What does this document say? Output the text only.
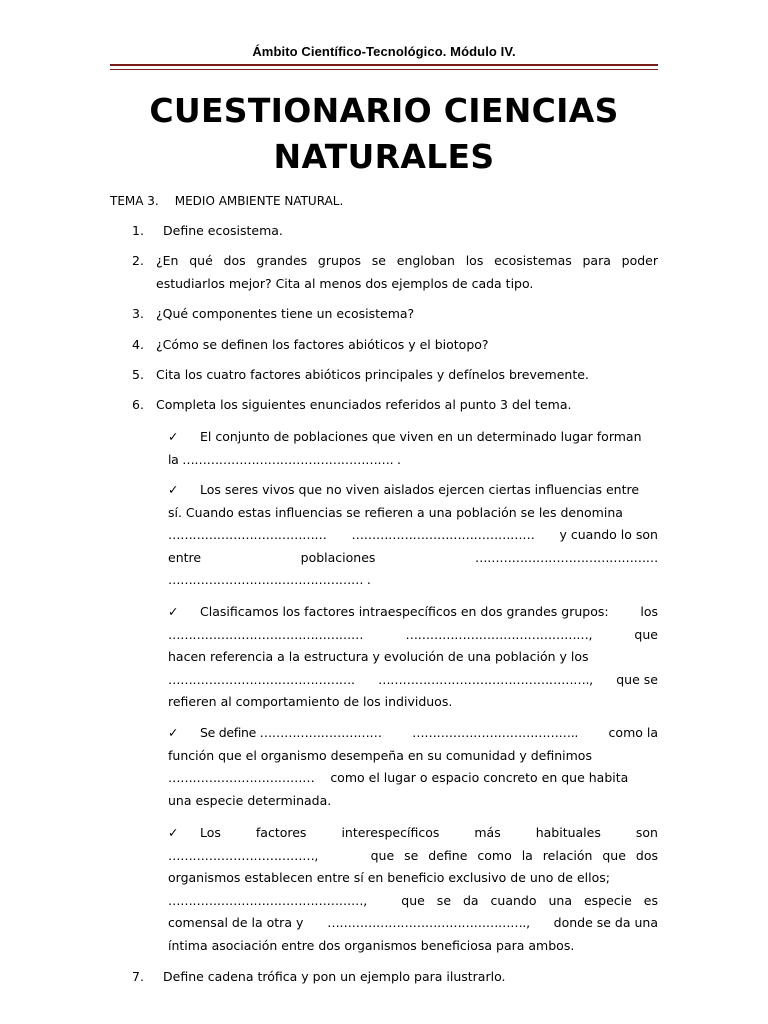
Ámbito Científico-Tecnológico. Módulo IV.
CUESTIONARIO CIENCIAS
NATURALES
TEMA 3. MEDIO AMBIENTE NATURAL.
1. Define ecosistema.
2. ¿En qué dos grandes grupos se engloban los ecosistemas para poder estudiarlos mejor? Cita al menos dos ejemplos de cada tipo.
3. ¿Qué componentes tiene un ecosistema?
4. ¿Cómo se definen los factores abióticos y el biotopo?
5. Cita los cuatro factores abióticos principales y defínelos brevemente.
6. Completa los siguientes enunciados referidos al punto 3 del tema.
✓ El conjunto de poblaciones que viven en un determinado lugar forman
la ……………………………………………. .
✓ Los seres vivos que no viven aislados ejercen ciertas influencias entre
sí. Cuando estas influencias se refieren a una población se les denomina
………………………………… ……………………………………… y cuando lo son
entre	poblaciones	………………………………………
………………………………………… .
✓ Clasificamos los factores intraespecíficos en dos grandes grupos:	los
…………………………………………	………………………………………,	que
hacen referencia a la estructura y evolución de una población y los
………………………………………. ……………………………………………., que se
refieren al comportamiento de los individuos.
✓ Se define ………………………… ………………………………….. como la
función que el organismo desempeña en su comunidad y definimos
……………………………… como el lugar o espacio concreto en que habita
una especie determinada.
✓ Los	factores	interespecíficos	más	habituales	son
………………………………,	que se define como la relación que dos
organismos establecen entre sí en beneficio exclusivo de uno de ellos;
…………………………………………,	que se da cuando una especie es
comensal de la otra y …………………………………………., donde se da una
íntima asociación entre dos organismos beneficiosa para ambos.
7. Define cadena trófica y pon un ejemplo para ilustrarlo.
